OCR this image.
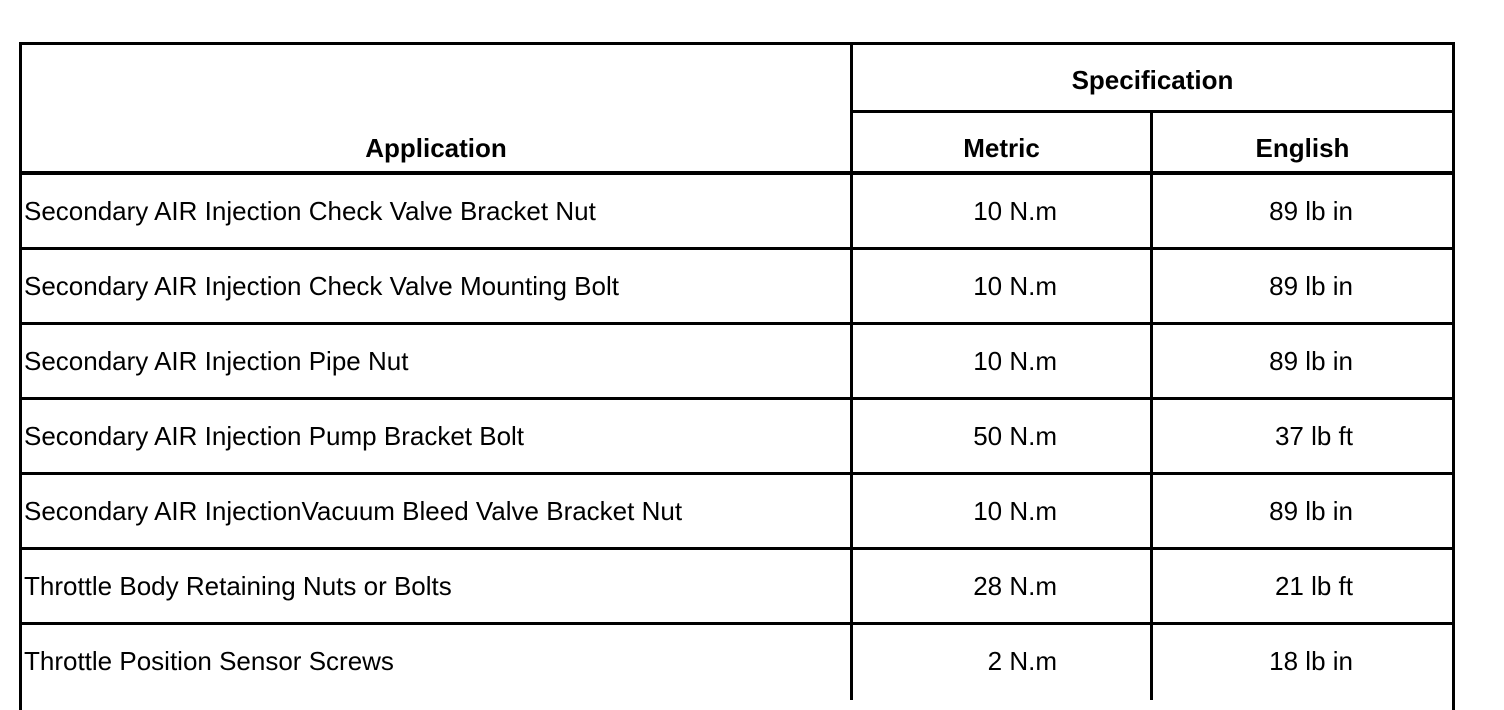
Application
Specification
Metric	English
Secondary AIR Injection Check Valve Bracket Nut	10 N.m	89 lb in
Secondary AIR Injection Check Valve Mounting Bolt	10 N.m	89 lb in
Secondary AIR Injection Pipe Nut	10 N.m	89 lb in
Secondary AIR Injection Pump Bracket Bolt	50 N.m	37 lb ft
Secondary AIR InjectionVacuum Bleed Valve Bracket Nut	10 N.m	89 lb in
Throttle Body Retaining Nuts or Bolts	28 N.m	21 lb ft
Throttle Position Sensor Screws	2 N.m	18 lb in
